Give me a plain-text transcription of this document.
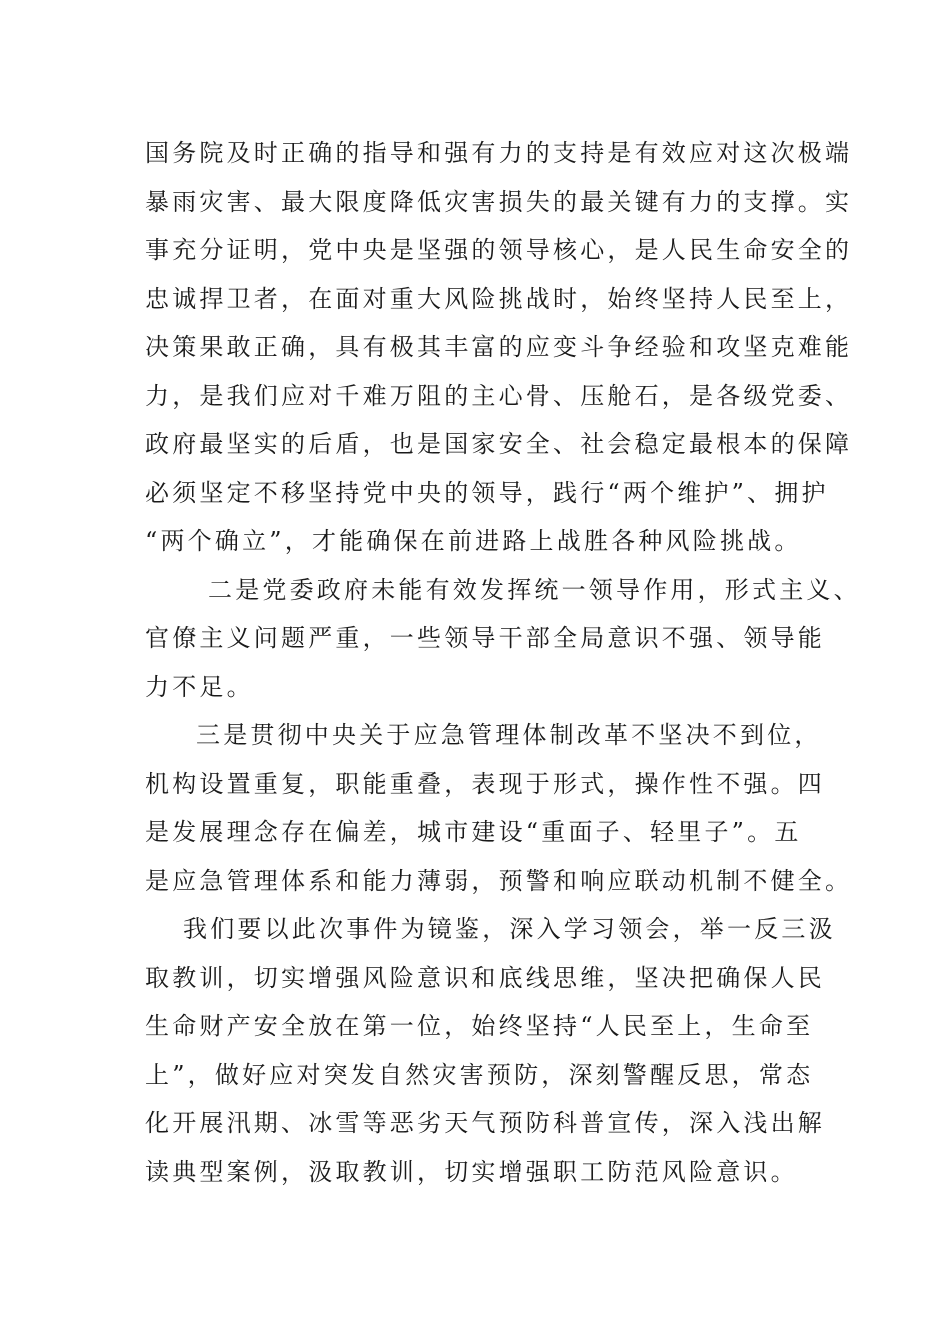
国务院及时正确的指导和强有力的支持是有效应对这次极端
暴雨灾害、最大限度降低灾害损失的最关键有力的支撑。实
事充分证明，党中央是坚强的领导核心，是人民生命安全的
忠诚捍卫者，在面对重大风险挑战时，始终坚持人民至上，
决策果敢正确，具有极其丰富的应变斗争经验和攻坚克难能
力，是我们应对千难万阻的主心骨、压舱石，是各级党委、
政府最坚实的后盾，也是国家安全、社会稳定最根本的保障
必须坚定不移坚持党中央的领导，践行“两个维护”、拥护
“两个确立”，才能确保在前进路上战胜各种风险挑战。
二是党委政府未能有效发挥统一领导作用，形式主义、
官僚主义问题严重，一些领导干部全局意识不强、领导能
力不足。
三是贯彻中央关于应急管理体制改革不坚决不到位，
机构设置重复，职能重叠，表现于形式，操作性不强。四
是发展理念存在偏差，城市建设“重面子、轻里子”。五
是应急管理体系和能力薄弱，预警和响应联动机制不健全。
我们要以此次事件为镜鉴，深入学习领会，举一反三汲
取教训，切实增强风险意识和底线思维，坚决把确保人民
生命财产安全放在第一位，始终坚持“人民至上，生命至
上”，做好应对突发自然灾害预防，深刻警醒反思，常态
化开展汛期、冰雪等恶劣天气预防科普宣传，深入浅出解
读典型案例，汲取教训，切实增强职工防范风险意识。
